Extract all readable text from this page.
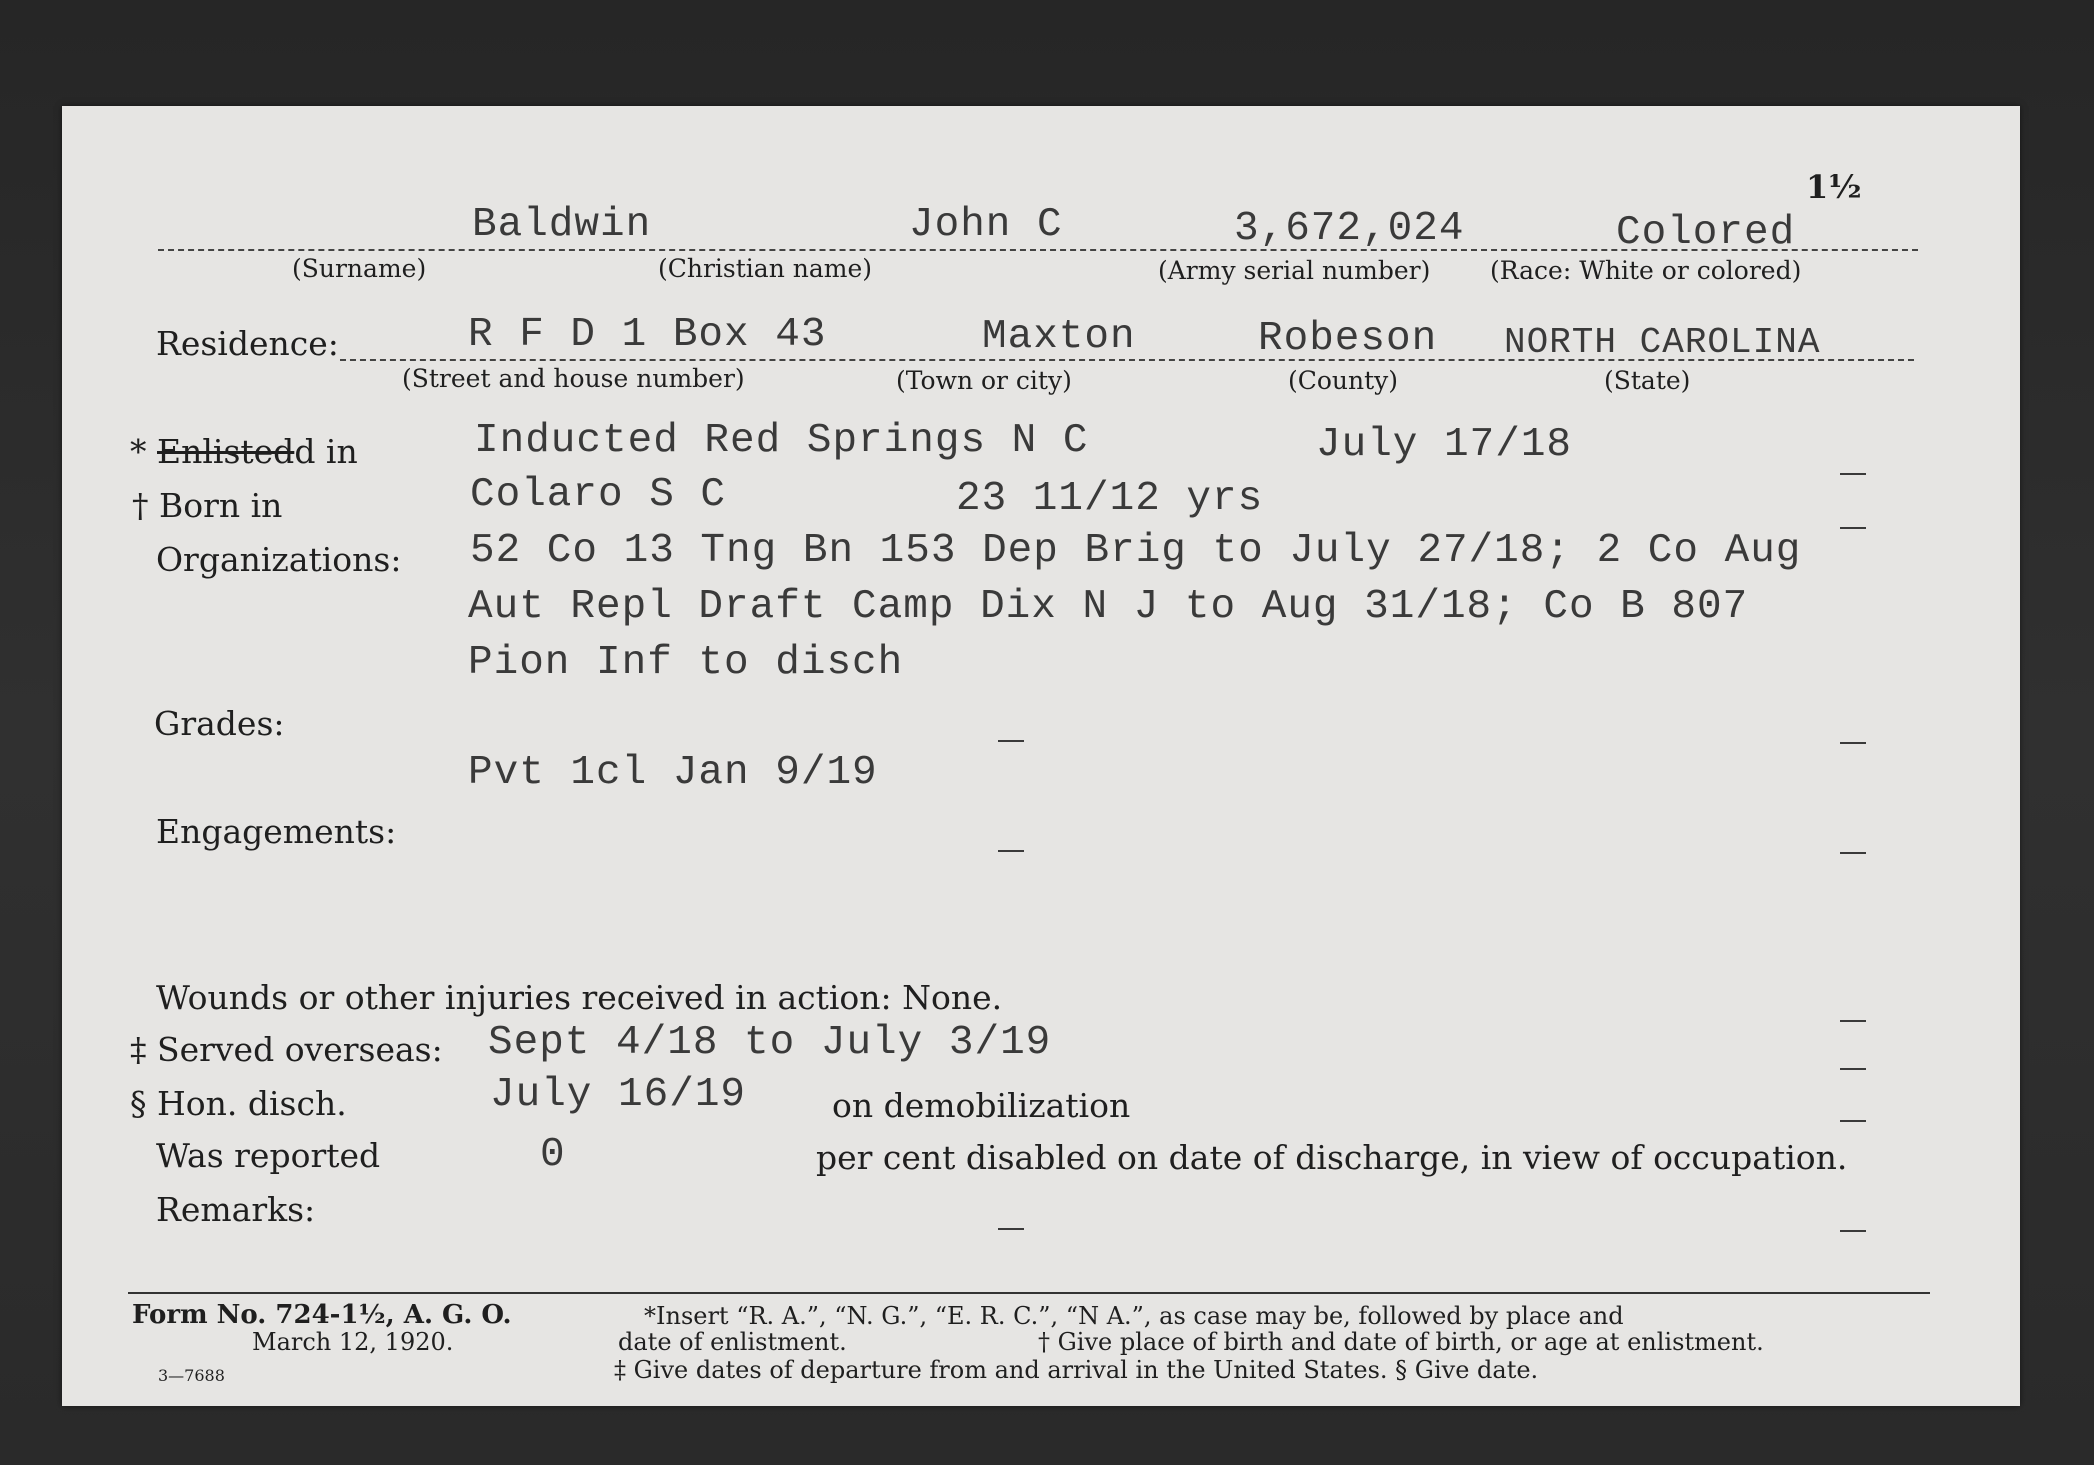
1½
Baldwin	John C	3,672,024	Colored
(Surname)	(Christian name)	(Army serial number) (Race: White or colored)
Residence:	R F D 1 Box 43	Maxton	Robeson NORTH CAROLINA
(Street and house number)	(Town or city)	(County)	(State)
* Enlistedd in	Inducted Red Springs N C	July 17/18
† Born in	Colaro S C	23 11/12 yrs
Organizations: 52 Co 13 Tng Bn 153 Dep Brig to July 27/18; 2 Co Aug
Aut Repl Draft Camp Dix N J to Aug 31/18; Co B 807
Pion Inf to disch
Grades:
Pvt 1cl Jan 9/19
Engagements:
Wounds or other injuries received in action: None.
‡ Served overseas: Sept 4/18 to July 3/19
§ Hon. disch.	July 16/19	on demobilization
Was reported	0	per cent disabled on date of discharge, in view of occupation.
Remarks:
Form No. 724-1½, A. G. O.
March 12, 1920.
3—7688
*Insert “R. A.”, “N. G.”, “E. R. C.”, “N A.”, as case may be, followed by place and
date of enlistment.	† Give place of birth and date of birth, or age at enlistment.
‡ Give dates of departure from and arrival in the United States. § Give date.
